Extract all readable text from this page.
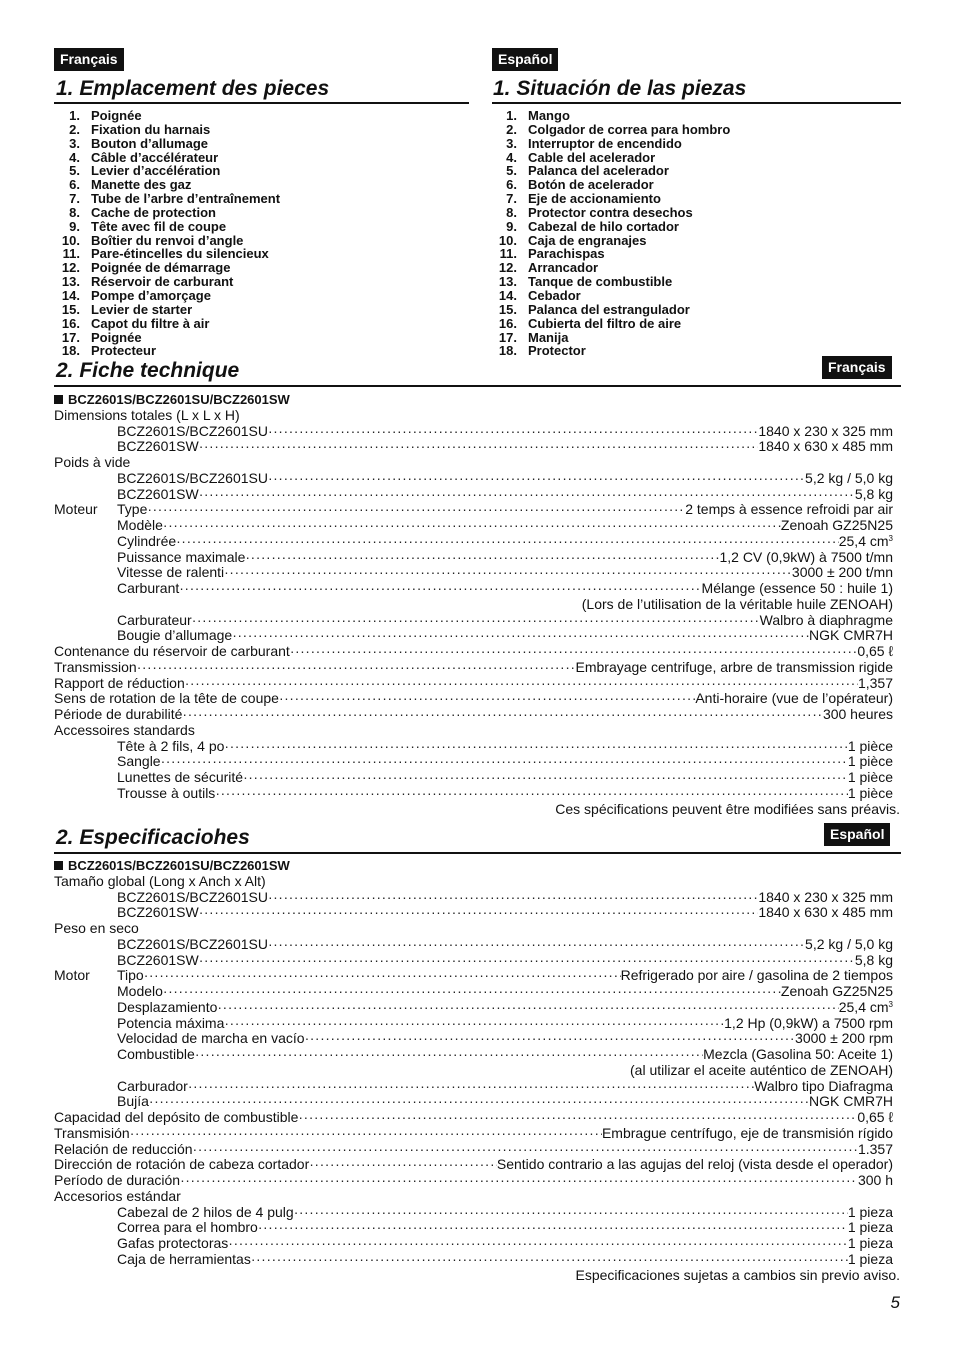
Français	Español
1. Emplacement des pieces	1. Situación de las piezas
1. Poignée
2. Fixation du harnais
3. Bouton d’allumage
4. Câble d’accélérateur
5. Levier d’accélération
6. Manette des gaz
7. Tube de l’arbre d’entraînement
8. Cache de protection
9. Tête avec fil de coupe
10. Boîtier du renvoi d’angle
11. Pare-étincelles du silencieux
12. Poignée de démarrage
13. Réservoir de carburant
14. Pompe d’amorçage
15. Levier de starter
16. Capot du filtre à air
17. Poignée
18. Protecteur
1. Mango
2. Colgador de correa para hombro
3. Interruptor de encendido
4. Cable del acelerador
5. Palanca del acelerador
6. Botón de acelerador
7. Eje de accionamiento
8. Protector contra desechos
9. Cabezal de hilo cortador
10. Caja de engranajes
11. Parachispas
12. Arrancador
13. Tanque de combustible
14. Cebador
15. Palanca del estrangulador
16. Cubierta del filtro de aire
17. Manija
18. Protector
2. Fiche technique	Français
BCZ2601S/BCZ2601SU/BCZ2601SW
Dimensions totales (L x L x H)
BCZ2601S/BCZ2601SU ·····	1840 x 230 x 325 mm
BCZ2601SW ·····	1840 x 630 x 485 mm
Poids à vide
BCZ2601S/BCZ2601SU ·····	5,2 kg / 5,0 kg
BCZ2601SW ·····	5,8 kg
Moteur	Type ·····	2 temps à essence refroidi par air
Modèle ·····	Zenoah GZ25N25
Cylindrée ·····	25,4 $cm^3$
Puissance maximale ·····	1,2 CV (0,9kW) à 7500 t/mn
Vitesse de ralenti ·····	3000 ± 200 t/mn
Carburant ·····	Mélange (essence 50 : huile 1)
(Lors de l’utilisation de la véritable huile ZENOAH)
Carburateur ·····	Walbro à diaphragme
Bougie d’allumage ·····	NGK CMR7H
Contenance du réservoir de carburant ·····	0,65 ℓ
Transmission ·····	Embrayage centrifuge, arbre de transmission rigide
Rapport de réduction ·····	1,357
Sens de rotation de la tête de coupe ·····	Anti-horaire (vue de l’opérateur)
Période de durabilité ·····	300 heures
Accessoires standards
Tête à 2 fils, 4 po ·····	1 pièce
Sangle ·····	1 pièce
Lunettes de sécurité ·····	1 pièce
Trousse à outils ·····	1 pièce
Ces spécifications peuvent être modifiées sans préavis.
2. Especificaciohes	Español
BCZ2601S/BCZ2601SU/BCZ2601SW
Tamaño global (Long x Anch x Alt)
BCZ2601S/BCZ2601SU ·····	1840 x 230 x 325 mm
BCZ2601SW ·····	1840 x 630 x 485 mm
Peso en seco
BCZ2601S/BCZ2601SU ·····	5,2 kg / 5,0 kg
BCZ2601SW ·····	5,8 kg
Motor	Tipo ·····	Refrigerado por aire / gasolina de 2 tiempos
Modelo ·····	Zenoah GZ25N25
Desplazamiento ·····	25,4 $cm^3$
Potencia máxima ·····	1,2 Hp (0,9kW) a 7500 rpm
Velocidad de marcha en vacío ·····	3000 ± 200 rpm
Combustible ·····	Mezcla (Gasolina 50: Aceite 1)
(al utilizar el aceite auténtico de ZENOAH)
Carburador ·····	Walbro tipo Diafragma
Bujía ·····	NGK CMR7H
Capacidad del depósito de combustible ·····	0,65 ℓ
Transmisión ·····	Embrague centrífugo, eje de transmisión rígido
Relación de reducción ·····	1.357
Dirección de rotación de cabeza cortador ·····	Sentido contrario a las agujas del reloj (vista desde el operador)
Período de duración ·····	300 h
Accesorios estándar
Cabezal de 2 hilos de 4 pulg ·····	1 pieza
Correa para el hombro ·····	1 pieza
Gafas protectoras ·····	1 pieza
Caja de herramientas ·····	1 pieza
Especificaciones sujetas a cambios sin previo aviso.
5
